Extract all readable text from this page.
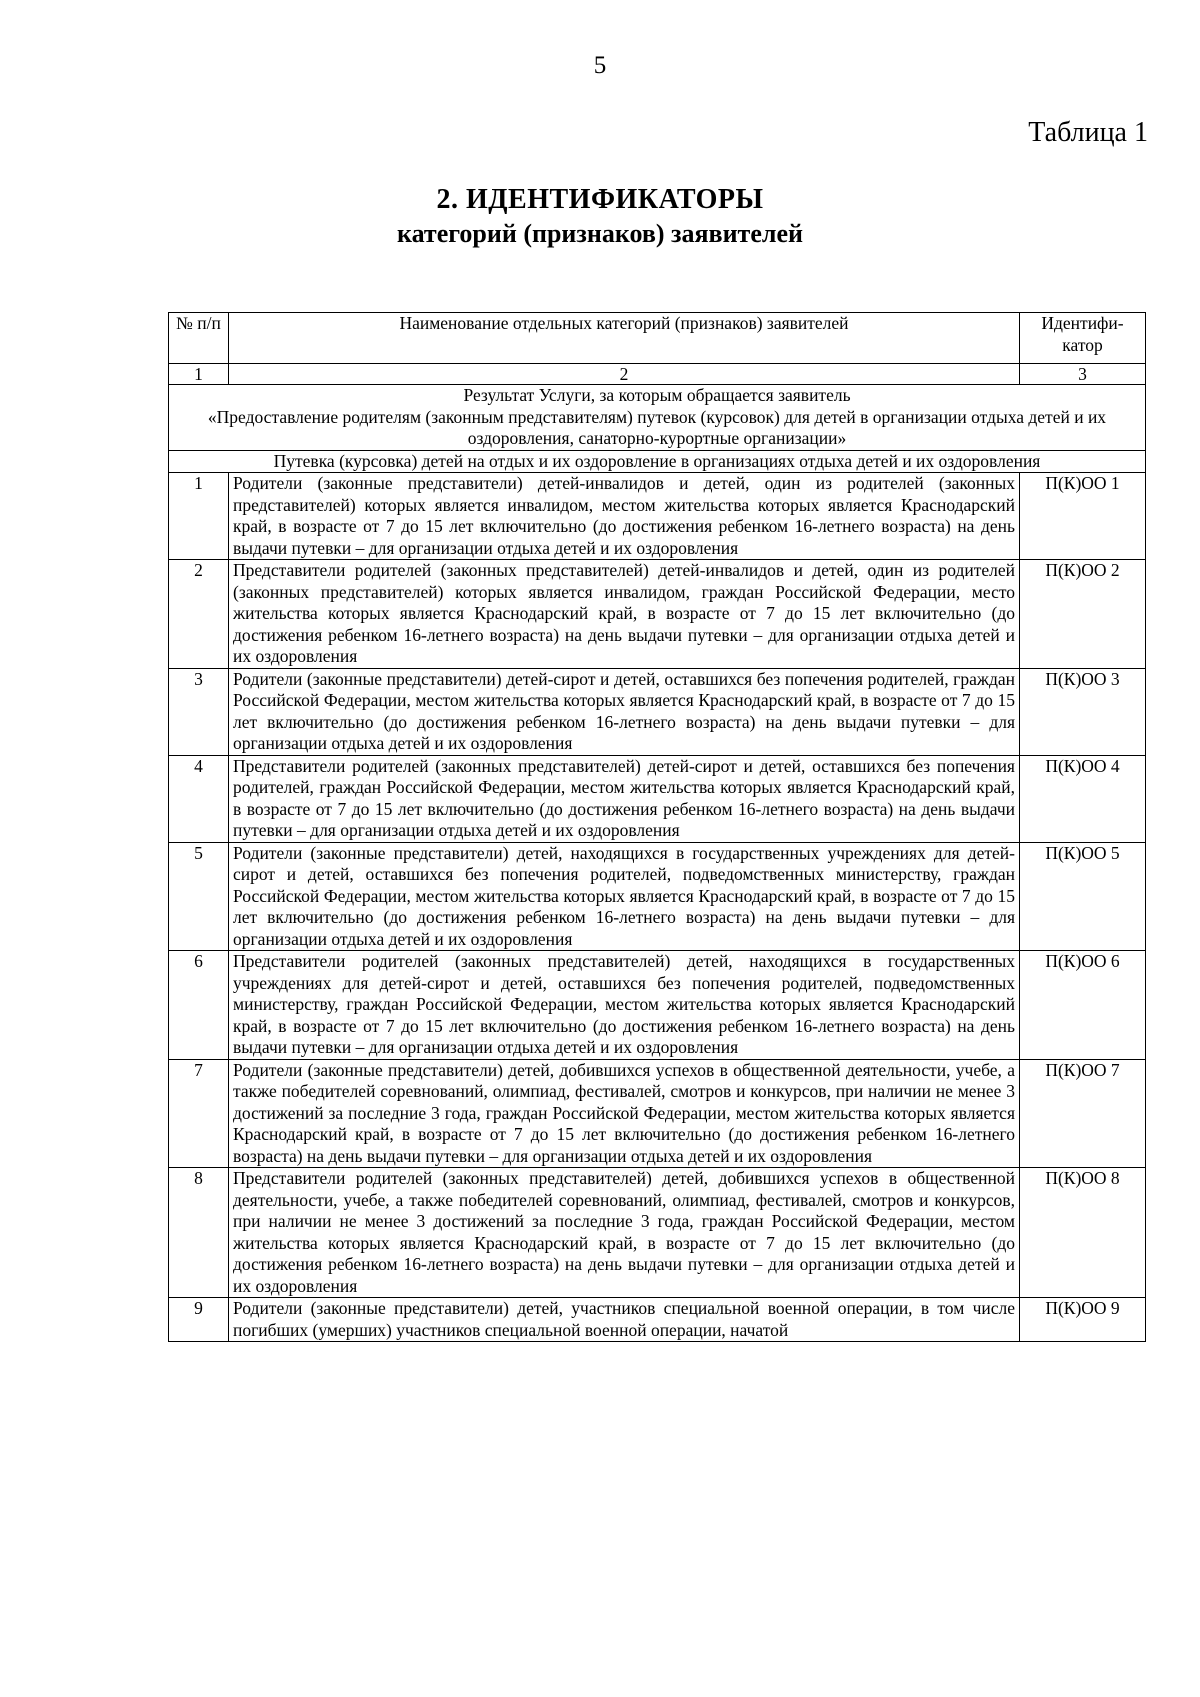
5
Таблица 1
2. ИДЕНТИФИКАТОРЫ
категорий (признаков) заявителей
№ п/п	Наименование отдельных категорий (признаков) заявителей	Идентифи- катор
1	2	3

Результат Услуги, за которым обращается заявитель
«Предоставление родителям (законным представителям) путевок (курсовок) для детей в организации отдыха детей и их оздоровления, санаторно-курортные организации»		

Путевка (курсовка) детей на отдых и их оздоровление в организациях отдыха детей и их оздоровления		
1	Родители (законные представители) детей-инвалидов и детей, один из родителей (законных представителей) которых является инвалидом, местом жительства которых является Краснодарский край, в возрасте от 7 до 15 лет включительно (до достижения ребенком 16-летнего возраста) на день выдачи путевки – для организации отдыха детей и их оздоровления	П(К)ОО 1
2	Представители родителей (законных представителей) детей-инвалидов и детей, один из родителей (законных представителей) которых является инвалидом, граждан Российской Федерации, место жительства которых является Краснодарский край, в возрасте от 7 до 15 лет включительно (до достижения ребенком 16-летнего возраста) на день выдачи путевки – для организации отдыха детей и их оздоровления	П(К)ОО 2
3	Родители (законные представители) детей-сирот и детей, оставшихся без попечения родителей, граждан Российской Федерации, местом жительства которых является Краснодарский край, в возрасте от 7 до 15 лет включительно (до достижения ребенком 16-летнего возраста) на день выдачи путевки – для организации отдыха детей и их оздоровления	П(К)ОО 3
4	Представители родителей (законных представителей) детей-сирот и детей, оставшихся без попечения родителей, граждан Российской Федерации, местом жительства которых является Краснодарский край, в возрасте от 7 до 15 лет включительно (до достижения ребенком 16-летнего возраста) на день выдачи путевки – для организации отдыха детей и их оздоровления	П(К)ОО 4
5	Родители (законные представители) детей, находящихся в государственных учреждениях для детей-сирот и детей, оставшихся без попечения родителей, подведомственных министерству, граждан Российской Федерации, местом жительства которых является Краснодарский край, в возрасте от 7 до 15 лет включительно (до достижения ребенком 16-летнего возраста) на день выдачи путевки – для организации отдыха детей и их оздоровления	П(К)ОО 5
6	Представители родителей (законных представителей) детей, находящихся в государственных учреждениях для детей-сирот и детей, оставшихся без попечения родителей, подведомственных министерству, граждан Российской Федерации, местом жительства которых является Краснодарский край, в возрасте от 7 до 15 лет включительно (до достижения ребенком 16-летнего возраста) на день выдачи путевки – для организации отдыха детей и их оздоровления	П(К)ОО 6
7	Родители (законные представители) детей, добившихся успехов в общественной деятельности, учебе, а также победителей соревнований, олимпиад, фестивалей, смотров и конкурсов, при наличии не менее 3 достижений за последние 3 года, граждан Российской Федерации, местом жительства которых является Краснодарский край, в возрасте от 7 до 15 лет включительно (до достижения ребенком 16-летнего возраста) на день выдачи путевки – для организации отдыха детей и их оздоровления	П(К)ОО 7
8	Представители родителей (законных представителей) детей, добившихся успехов в общественной деятельности, учебе, а также победителей соревнований, олимпиад, фестивалей, смотров и конкурсов, при наличии не менее 3 достижений за последние 3 года, граждан Российской Федерации, местом жительства которых является Краснодарский край, в возрасте от 7 до 15 лет включительно (до достижения ребенком 16-летнего возраста) на день выдачи путевки – для организации отдыха детей и их оздоровления	П(К)ОО 8
9	Родители (законные представители) детей, участников специальной военной операции, в том числе погибших (умерших) участников специальной военной операции, начатой	П(К)ОО 9
